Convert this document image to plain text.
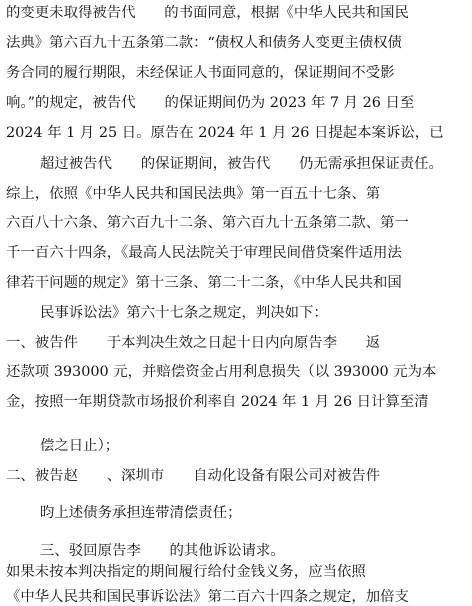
的变更未取得被告代　　的书面同意，根据《中华人民共和国民
法典》第六百九十五条第二款：“债权人和债务人变更主债权债
务合同的履行期限，未经保证人书面同意的，保证期间不受影
响。”的规定，被告代　　的保证期间仍为 2023 年 7 月 26 日至
2024 年 1 月 25 日。原告在 2024 年 1 月 26 日提起本案诉讼，已
超过被告代　　的保证期间，被告代　　仍无需承担保证责任。
综上，依照《中华人民共和国民法典》第一百五十七条、第
六百八十六条、第六百九十二条、第六百九十五条第二款、第一
千一百六十四条，《最高人民法院关于审理民间借贷案件适用法
律若干问题的规定》第十三条、第二十二条，《中华人民共和国
民事诉讼法》第六十七条之规定，判决如下：
一、被告件　　于本判决生效之日起十日内向原告李　　返
还款项 393000 元，并赔偿资金占用利息损失（以 393000 元为本
金，按照一年期贷款市场报价利率自 2024 年 1 月 26 日计算至清
偿之日止）；
二、被告赵　　、深圳市　　自动化设备有限公司对被告件
昀上述债务承担连带清偿责任；
三、驳回原告李　　的其他诉讼请求。
如果未按本判决指定的期间履行给付金钱义务，应当依照
《中华人民共和国民事诉讼法》第二百六十四条之规定，加倍支
